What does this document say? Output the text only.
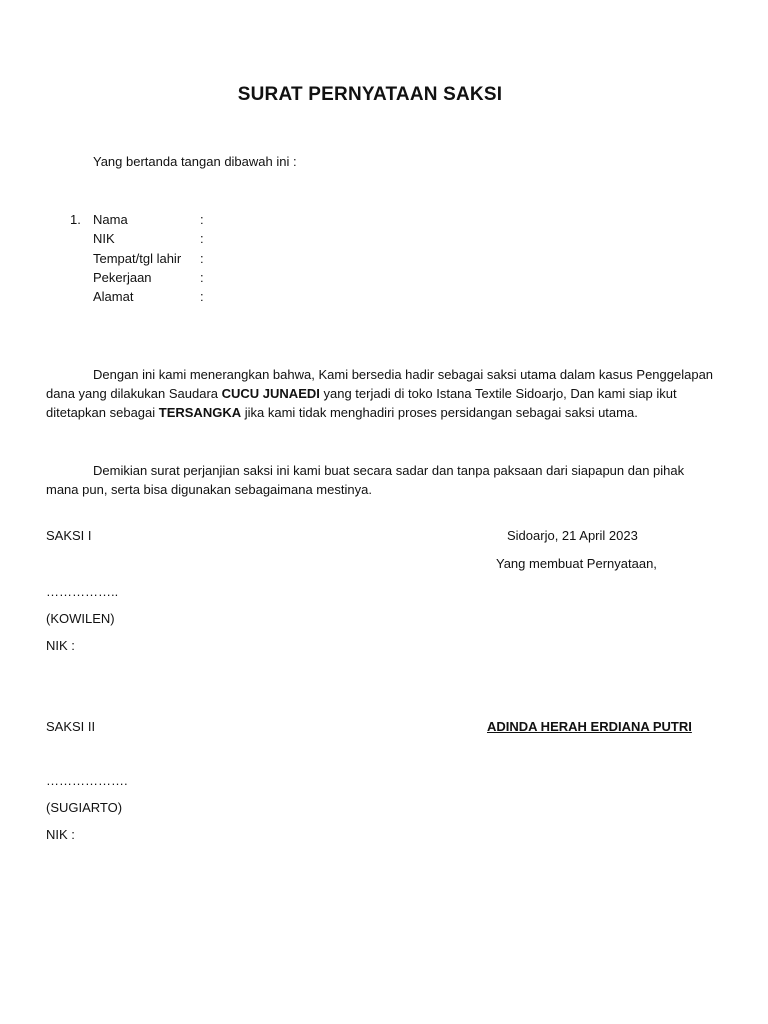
SURAT PERNYATAAN SAKSI
Yang bertanda tangan dibawah ini :
1. Nama	:
NIK	:
Tempat/tgl lahir :
Pekerjaan	:
Alamat	:
Dengan ini kami menerangkan bahwa, Kami bersedia hadir sebagai saksi utama dalam kasus Penggelapan dana yang dilakukan Saudara CUCU JUNAEDI yang terjadi di toko Istana Textile Sidoarjo, Dan kami siap ikut ditetapkan sebagai TERSANGKA jika kami tidak menghadiri proses persidangan sebagai saksi utama.
Demikian surat perjanjian saksi ini kami buat secara sadar dan tanpa paksaan dari siapapun dan pihak mana pun, serta bisa digunakan sebagaimana mestinya.
SAKSI I	Sidoarjo, 21 April 2023
Yang membuat Pernyataan,
……………..
(KOWILEN)
NIK :
SAKSI II	ADINDA HERAH ERDIANA PUTRI
……………….
(SUGIARTO)
NIK :
